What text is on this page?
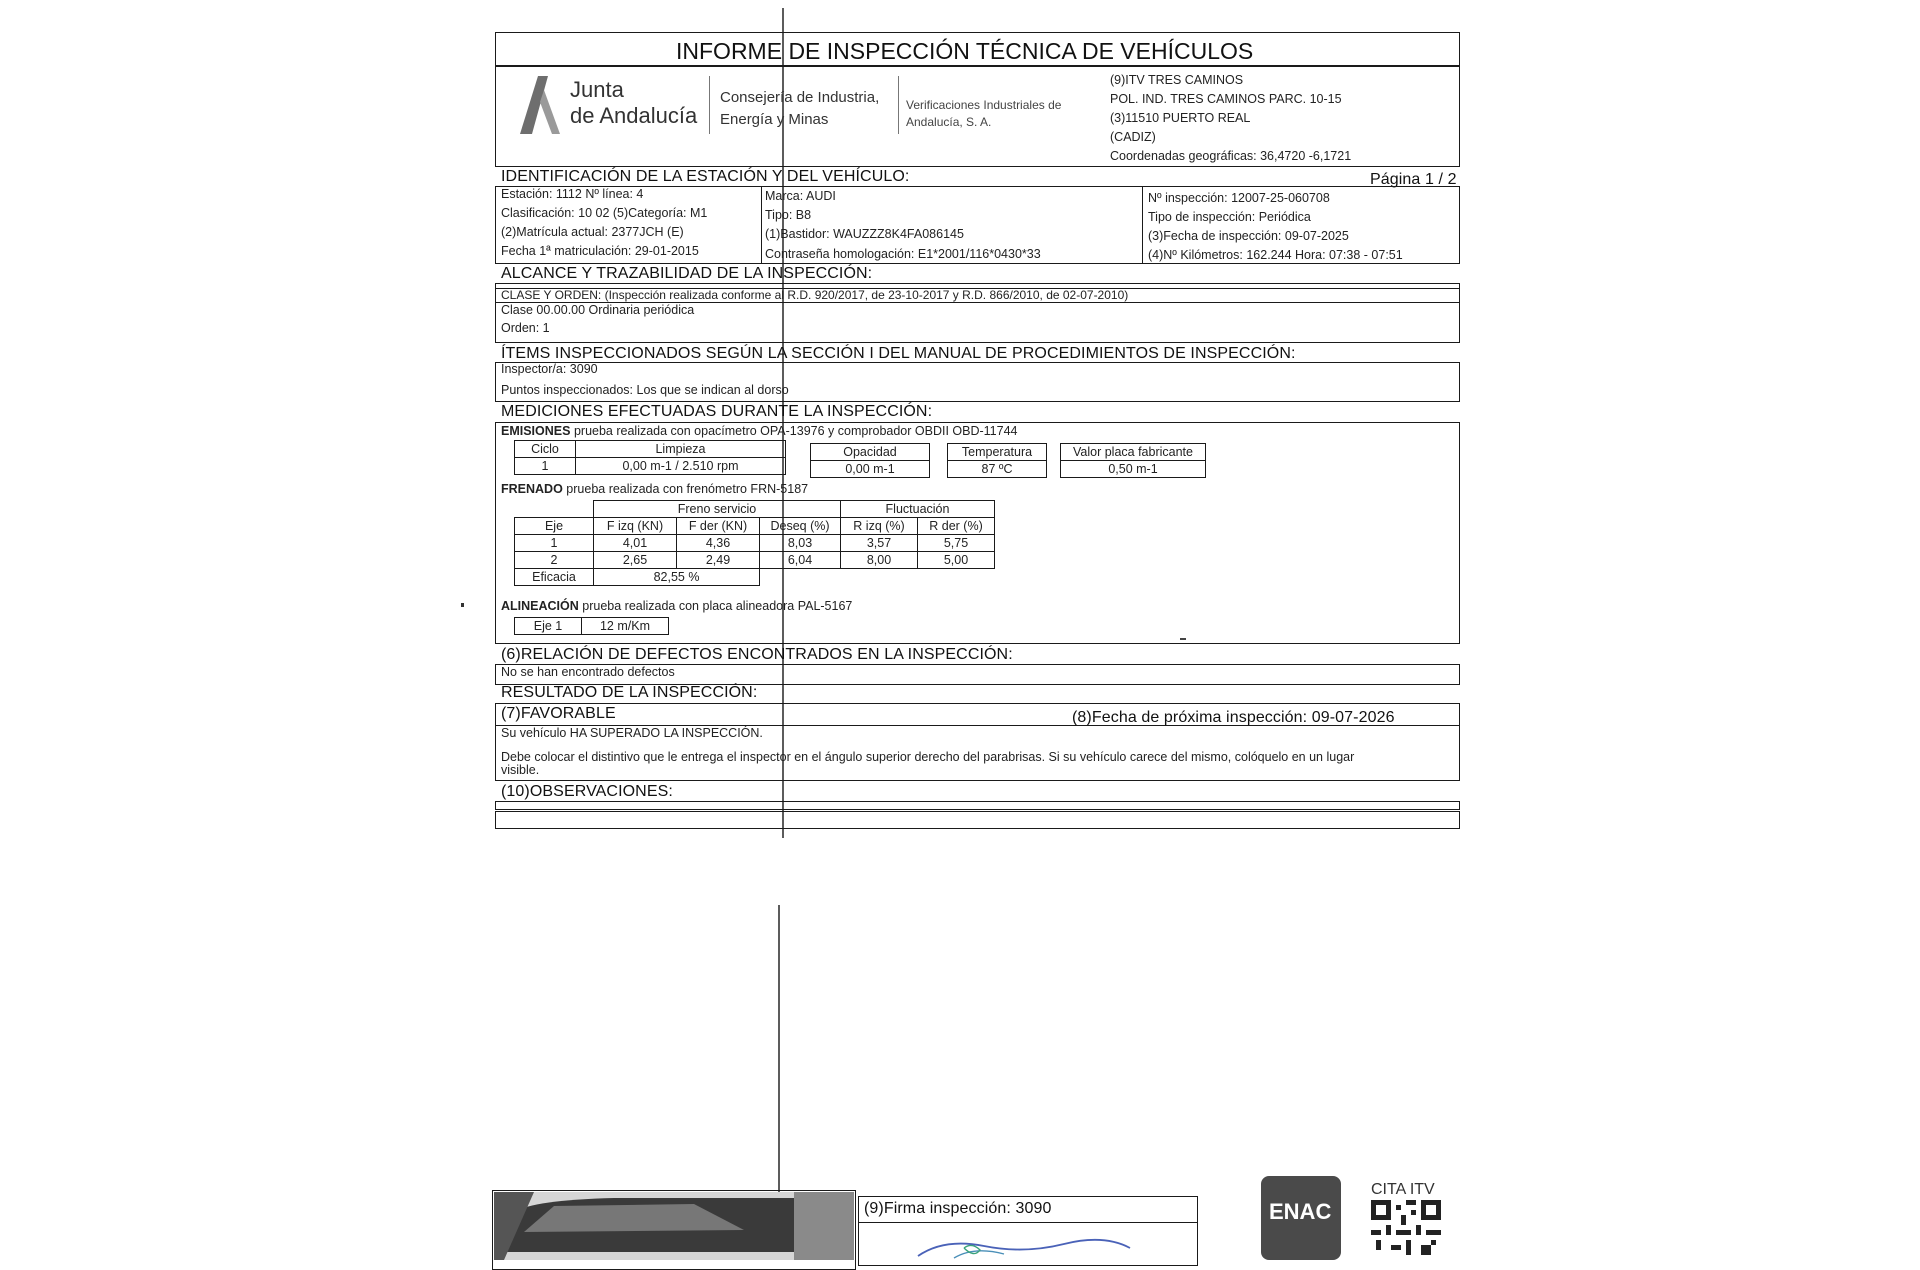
INFORME DE INSPECCIÓN TÉCNICA DE VEHÍCULOS
Junta
de Andalucía
Consejería de Industria,
Energía y Minas
Verificaciones Industriales de
Andalucía, S. A.
(9)ITV TRES CAMINOS
POL. IND. TRES CAMINOS PARC. 10-15
(3)11510 PUERTO REAL
(CADIZ)
Coordenadas geográficas: 36,4720 -6,1721
IDENTIFICACIÓN DE LA ESTACIÓN Y DEL VEHÍCULO:	Página 1 / 2
Estación: 1112 Nº línea: 4
Clasificación: 10 02 (5)Categoría: M1
(2)Matrícula actual: 2377JCH (E)
Fecha 1ª matriculación: 29-01-2015
Marca: AUDI
Tipo: B8
(1)Bastidor: WAUZZZ8K4FA086145
Contraseña homologación: E1*2001/116*0430*33
Nº inspección: 12007-25-060708
Tipo de inspección: Periódica
(3)Fecha de inspección: 09-07-2025
(4)Nº Kilómetros: 162.244 Hora: 07:38 - 07:51
ALCANCE Y TRAZABILIDAD DE LA INSPECCIÓN:
CLASE Y ORDEN: (Inspección realizada conforme al R.D. 920/2017, de 23-10-2017 y R.D. 866/2010, de 02-07-2010)
Clase 00.00.00 Ordinaria periódica
Orden: 1
ÍTEMS INSPECCIONADOS SEGÚN LA SECCIÓN I DEL MANUAL DE PROCEDIMIENTOS DE INSPECCIÓN:
Inspector/a: 3090
Puntos inspeccionados: Los que se indican al dorso
MEDICIONES EFECTUADAS DURANTE LA INSPECCIÓN:
EMISIONES prueba realizada con opacímetro OPA-13976 y comprobador OBDII OBD-11744
Ciclo	Limpieza
1	0,00 m-1 / 2.510 rpm
Opacidad
0,00 m-1
Temperatura
87 ºC
Valor placa fabricante
0,50 m-1
FRENADO prueba realizada con frenómetro FRN-5187
	Freno servicio			Fluctuación	
Eje	F izq (KN)	F der (KN)	Deseq (%)	R izq (%)	R der (%)
1	4,01	4,36	8,03	3,57	5,75
2	2,65	2,49	6,04	8,00	5,00
Eficacia	82,55 %				
ALINEACIÓN prueba realizada con placa alineadora PAL-5167
Eje 1	12 m/Km
(6)RELACIÓN DE DEFECTOS ENCONTRADOS EN LA INSPECCIÓN:
No se han encontrado defectos
RESULTADO DE LA INSPECCIÓN:
(7)FAVORABLE	(8)Fecha de próxima inspección: 09-07-2026
Su vehículo HA SUPERADO LA INSPECCIÓN.
Debe colocar el distintivo que le entrega el inspector en el ángulo superior derecho del parabrisas. Si su vehículo carece del mismo, colóquelo en un lugar
visible.
(10)OBSERVACIONES:
(9)Firma inspección: 3090	ENAC
CITA ITV
